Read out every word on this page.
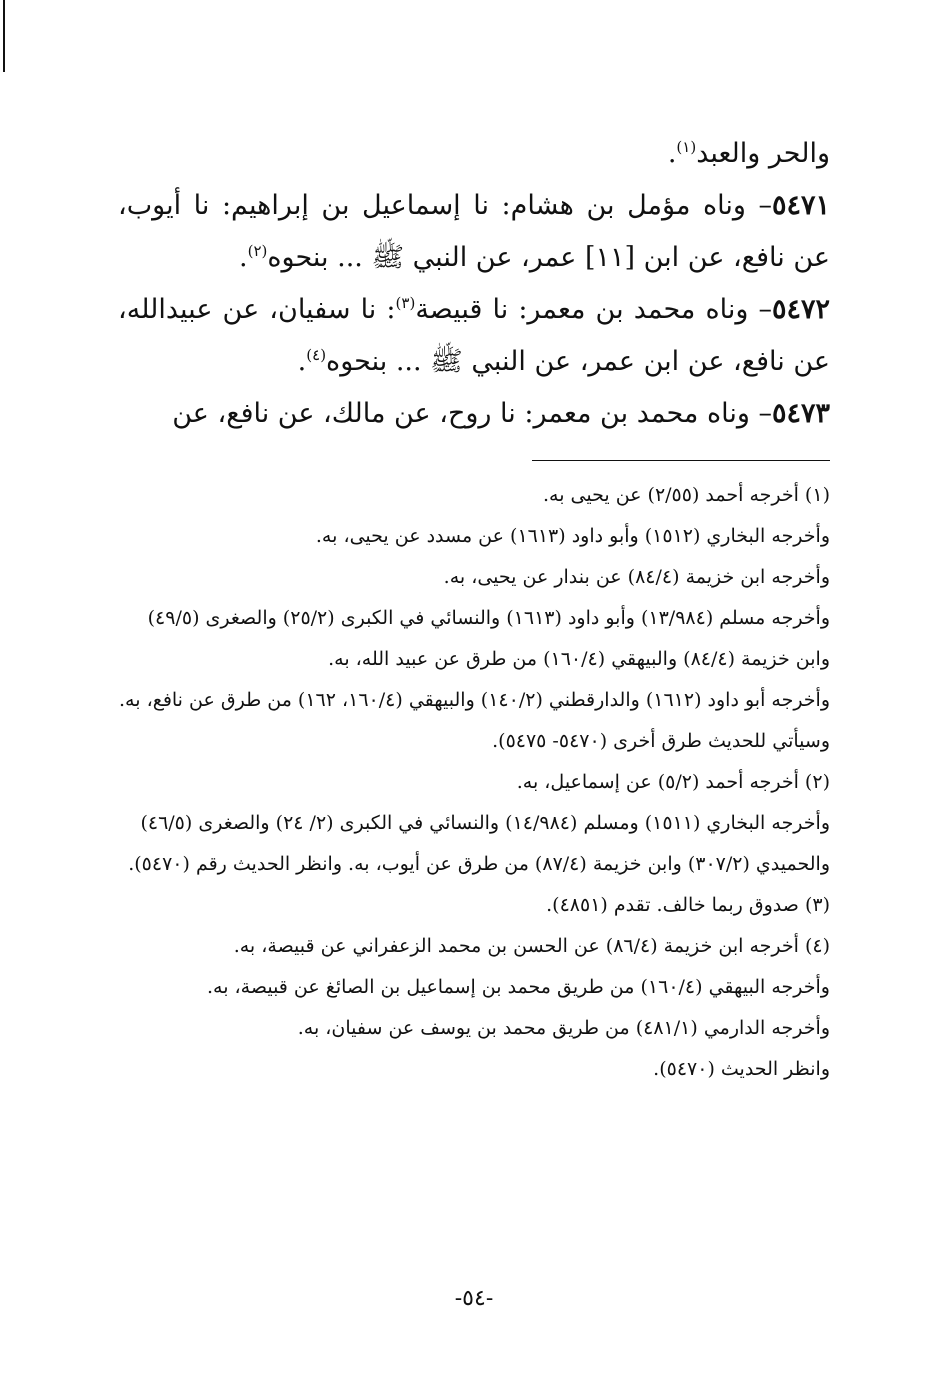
والحر والعبد$^{(١)}$.

٥٤٧١– وناه مؤمل بن هشام: نا إسماعيل بن إبراهيم: نا أيوب، عن نافع، عن ابن [١١] عمر، عن النبي ﷺ ... بنحوه$^{(٢)}$.

٥٤٧٢– وناه محمد بن معمر: نا قبيصة$^{(٣)}$: نا سفيان، عن عبيدالله، عن نافع، عن ابن عمر، عن النبي ﷺ ... بنحوه$^{(٤)}$.

٥٤٧٣– وناه محمد بن معمر: نا روح، عن مالك، عن نافع، عن

(١) أخرجه أحمد (٢/٥٥) عن يحيى به.

وأخرجه البخاري (١٥١٢) وأبو داود (١٦١٣) عن مسدد عن يحيى، به.

وأخرجه ابن خزيمة (٨٤/٤) عن بندار عن يحيى، به.

وأخرجه مسلم (١٣/٩٨٤) وأبو داود (١٦١٣) والنسائي في الكبرى (٢٥/٢) والصغرى (٤٩/٥) وابن خزيمة (٨٤/٤) والبيهقي (١٦٠/٤) من طرق عن عبيد الله، به.

وأخرجه أبو داود (١٦١٢) والدارقطني (١٤٠/٢) والبيهقي (١٦٠/٤، ١٦٢) من طرق عن نافع، به.

وسيأتي للحديث طرق أخرى (٥٤٧٠- ٥٤٧٥).

(٢) أخرجه أحمد (٥/٢) عن إسماعيل، به.

وأخرجه البخاري (١٥١١) ومسلم (١٤/٩٨٤) والنسائي في الكبرى (٢/ ٢٤) والصغرى (٤٦/٥) والحميدي (٣٠٧/٢) وابن خزيمة (٨٧/٤) من طرق عن أيوب، به. وانظر الحديث رقم (٥٤٧٠).

(٣) صدوق ربما خالف. تقدم (٤٨٥١).

(٤) أخرجه ابن خزيمة (٨٦/٤) عن الحسن بن محمد الزعفراني عن قبيصة، به.

وأخرجه البيهقي (١٦٠/٤) من طريق محمد بن إسماعيل بن الصائغ عن قبيصة، به.

وأخرجه الدارمي (٤٨١/١) من طريق محمد بن يوسف عن سفيان، به.

وانظر الحديث (٥٤٧٠).

-٥٤-
